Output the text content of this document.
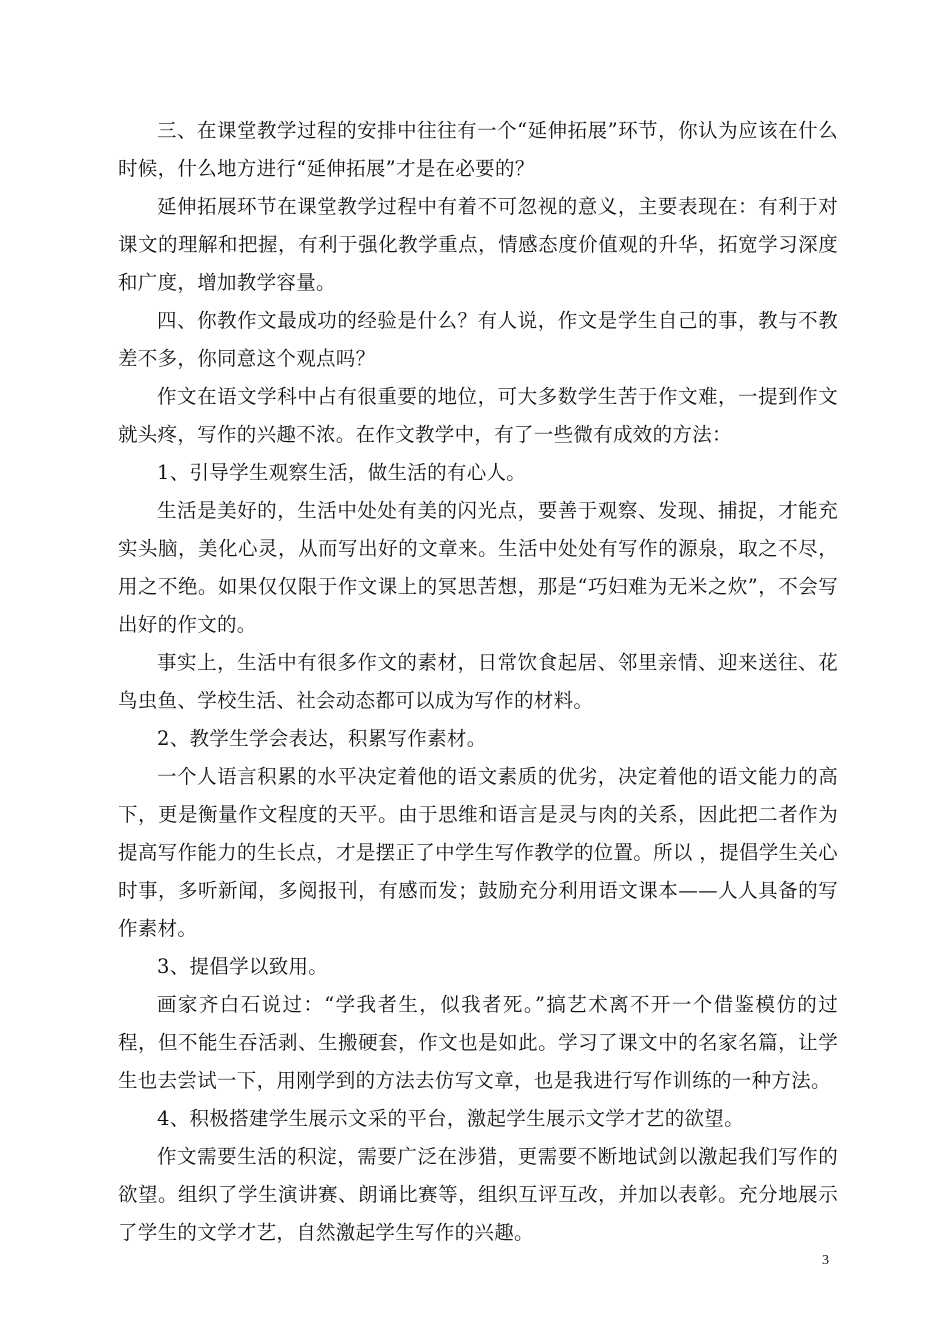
三、在课堂教学过程的安排中往往有一个“延伸拓展”环节，你认为应该在什么时候，什么地方进行“延伸拓展”才是在必要的？

延伸拓展环节在课堂教学过程中有着不可忽视的意义，主要表现在：有利于对课文的理解和把握，有利于强化教学重点，情感态度价值观的升华，拓宽学习深度和广度，增加教学容量。

四、你教作文最成功的经验是什么？有人说，作文是学生自己的事，教与不教差不多，你同意这个观点吗？

作文在语文学科中占有很重要的地位，可大多数学生苦于作文难，一提到作文就头疼，写作的兴趣不浓。在作文教学中，有了一些微有成效的方法：

1、引导学生观察生活，做生活的有心人。

生活是美好的，生活中处处有美的闪光点，要善于观察、发现、捕捉，才能充实头脑，美化心灵，从而写出好的文章来。生活中处处有写作的源泉，取之不尽，用之不绝。如果仅仅限于作文课上的冥思苦想，那是“巧妇难为无米之炊”，不会写出好的作文的。

事实上，生活中有很多作文的素材，日常饮食起居、邻里亲情、迎来送往、花鸟虫鱼、学校生活、社会动态都可以成为写作的材料。

2、教学生学会表达，积累写作素材。

一个人语言积累的水平决定着他的语文素质的优劣，决定着他的语文能力的高下，更是衡量作文程度的天平。由于思维和语言是灵与肉的关系，因此把二者作为提高写作能力的生长点，才是摆正了中学生写作教学的位置。所以 ，提倡学生关心时事，多听新闻，多阅报刊，有感而发；鼓励充分利用语文课本——人人具备的写作素材。

3、提倡学以致用。

画家齐白石说过：“学我者生，似我者死。”搞艺术离不开一个借鉴模仿的过程，但不能生吞活剥、生搬硬套，作文也是如此。学习了课文中的名家名篇，让学生也去尝试一下，用刚学到的方法去仿写文章，也是我进行写作训练的一种方法。

4、积极搭建学生展示文采的平台，激起学生展示文学才艺的欲望。

作文需要生活的积淀，需要广泛在涉猎，更需要不断地试剑以激起我们写作的欲望。组织了学生演讲赛、朗诵比赛等，组织互评互改，并加以表彰。充分地展示了学生的文学才艺，自然激起学生写作的兴趣。

3
